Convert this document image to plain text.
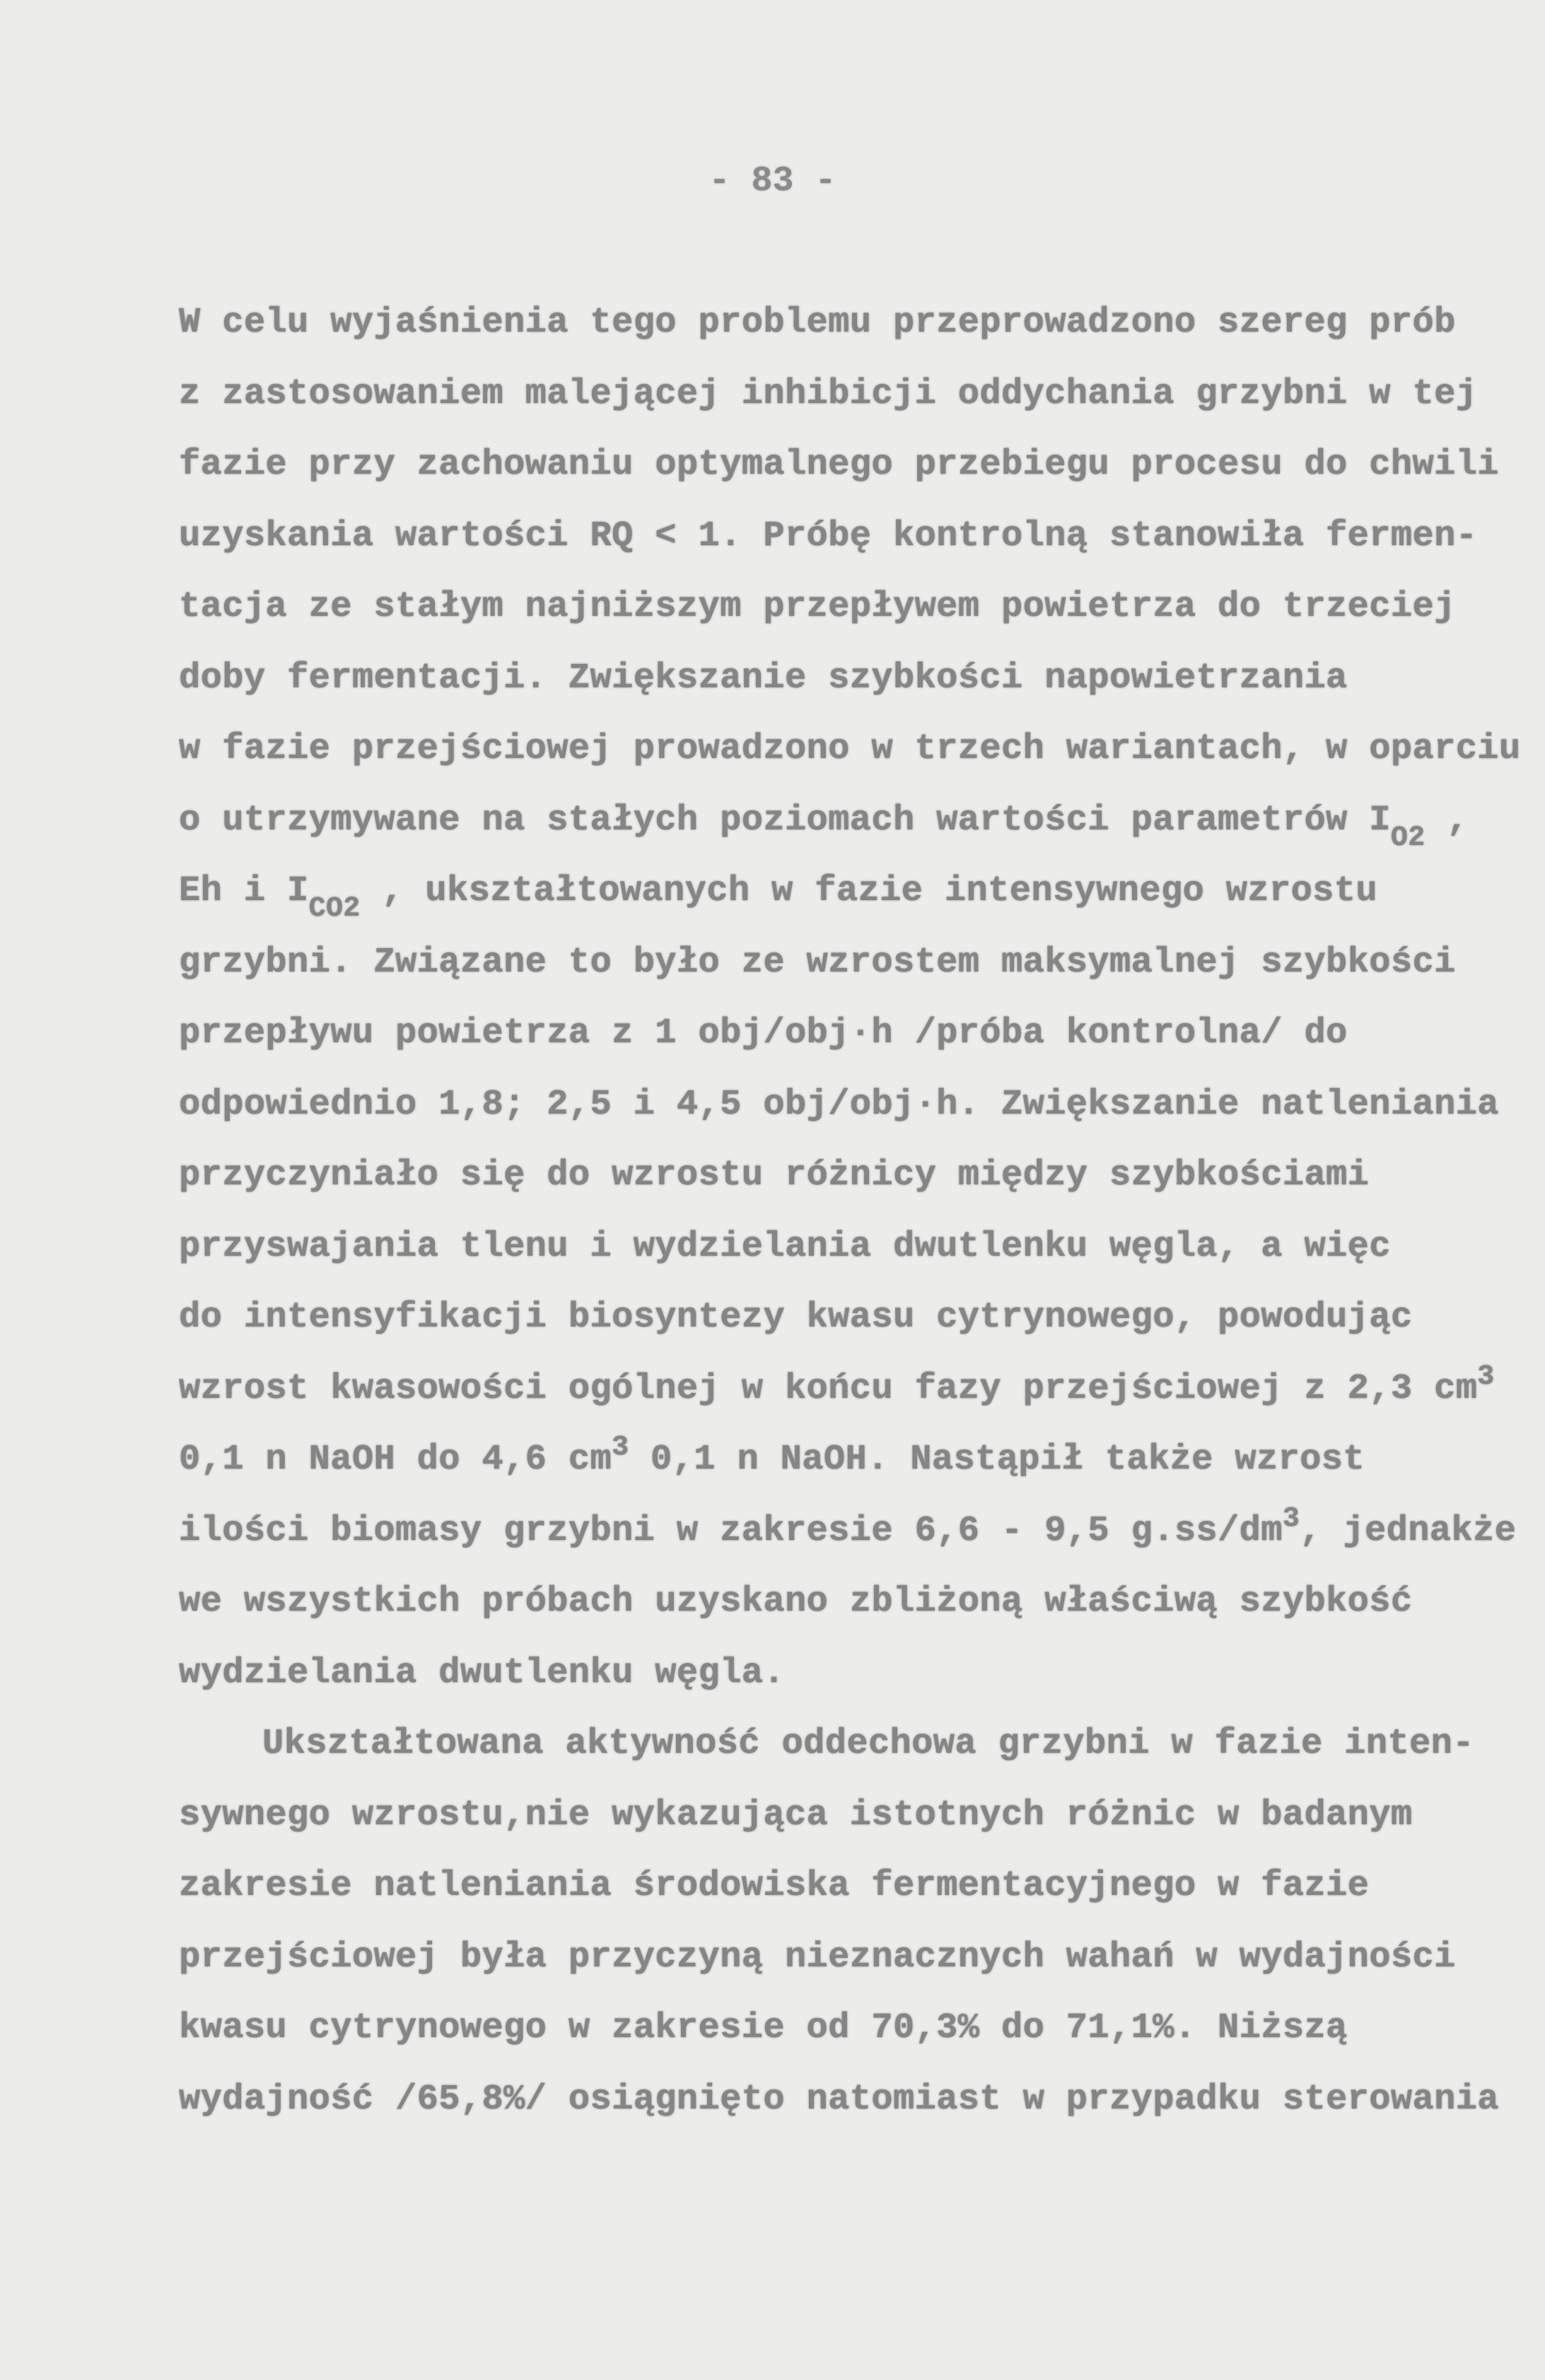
- 83 -
W celu wyjaśnienia tego problemu przeprowadzono szereg prób
z zastosowaniem malejącej inhibicji oddychania grzybni w tej
fazie przy zachowaniu optymalnego przebiegu procesu do chwili
uzyskania wartości RQ < 1. Próbę kontrolną stanowiła fermen-
tacja ze stałym najniższym przepływem powietrza do trzeciej
doby fermentacji. Zwiększanie szybkości napowietrzania
w fazie przejściowej prowadzono w trzech wariantach, w oparciu
o utrzymywane na stałych poziomach wartości parametrów $I_{O2}$ ,
Eh i $I_{CO2}$ , ukształtowanych w fazie intensywnego wzrostu
grzybni. Związane to było ze wzrostem maksymalnej szybkości
przepływu powietrza z 1 obj/obj·h /próba kontrolna/ do
odpowiednio 1,8; 2,5 i 4,5 obj/obj·h. Zwiększanie natleniania
przyczyniało się do wzrostu różnicy między szybkościami
przyswajania tlenu i wydzielania dwutlenku węgla, a więc
do intensyfikacji biosyntezy kwasu cytrynowego, powodując
wzrost kwasowości ogólnej w końcu fazy przejściowej z 2,3 $cm^3$
0,1 n NaOH do 4,6 $cm^3$ 0,1 n NaOH. Nastąpił także wzrost
ilości biomasy grzybni w zakresie 6,6 - 9,5 $g.ss/dm^3$, jednakże
we wszystkich próbach uzyskano zbliżoną właściwą szybkość
wydzielania dwutlenku węgla.
Ukształtowana aktywność oddechowa grzybni w fazie inten-
sywnego wzrostu,nie wykazująca istotnych różnic w badanym
zakresie natleniania środowiska fermentacyjnego w fazie
przejściowej była przyczyną nieznacznych wahań w wydajności
kwasu cytrynowego w zakresie od 70,3% do 71,1%. Niższą
wydajność /65,8%/ osiągnięto natomiast w przypadku sterowania
